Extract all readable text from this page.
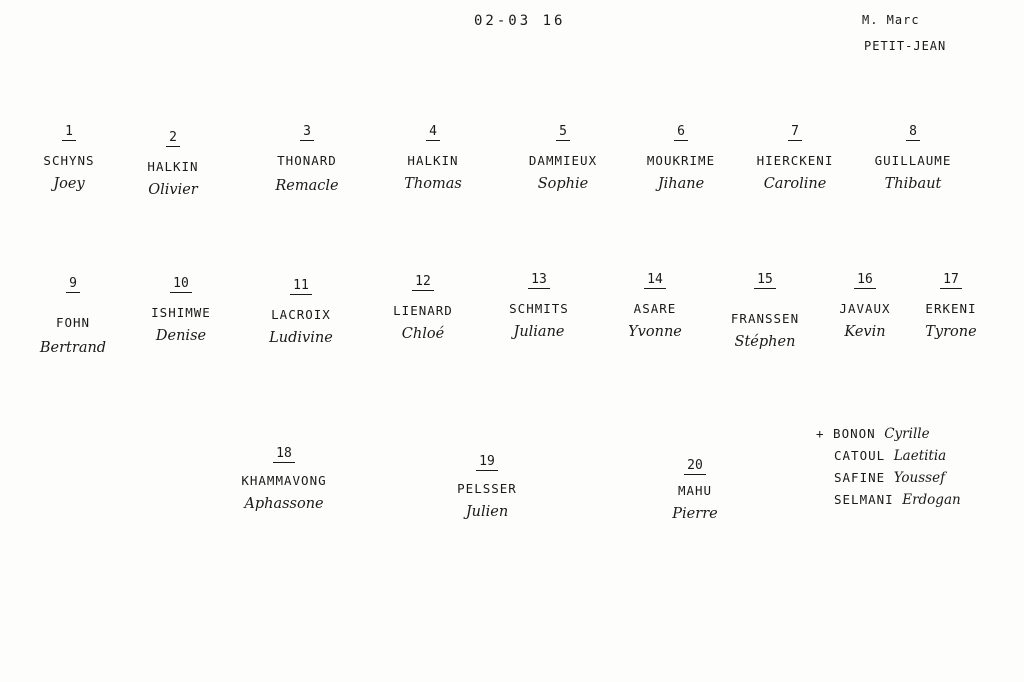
02-03 16	M. Marc
PETIT-JEAN
1
SCHYNS
Joey
2
HALKIN
Olivier
3
THONARD
Remacle
4
HALKIN
Thomas
5
DAMMIEUX
Sophie
6
MOUKRIME
Jihane
7
HIERCKENI
Caroline
8
GUILLAUME
Thibaut
9
FOHN
Bertrand
10
ISHIMWE
Denise
11
LACROIX
Ludivine
12
LIENARD
Chloé
13
SCHMITS
Juliane
14
ASARE
Yvonne
15
FRANSSEN
Stéphen
16
JAVAUX
Kevin
17
ERKENI
Tyrone
18
KHAMMAVONG
Aphassone
19
PELSSER
Julien
20
MAHU
Pierre
+ BONON Cyrille
CATOUL Laetitia
SAFINE Youssef
SELMANI Erdogan
